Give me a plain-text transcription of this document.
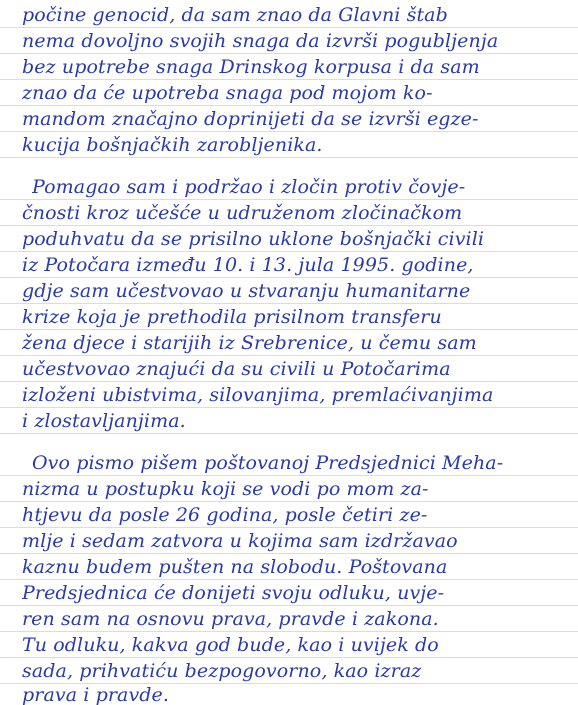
počine genocid, da sam znao da Glavni štab
nema dovoljno svojih snaga da izvrši pogubljenja
bez upotrebe snaga Drinskog korpusa i da sam
znao da će upotreba snaga pod mojom ko-
mandom značajno doprinijeti da se izvrši egze-
kucija bošnjačkih zarobljenika.
Pomagao sam i podržao i zločin protiv čovje-
čnosti kroz učešće u udruženom zločinačkom
poduhvatu da se prisilno uklone bošnjački civili
iz Potočara između 10. i 13. jula 1995. godine,
gdje sam učestvovao u stvaranju humanitarne
krize koja je prethodila prisilnom transferu
žena djece i starijih iz Srebrenice, u čemu sam
učestvovao znajući da su civili u Potočarima
izloženi ubistvima, silovanjima, premlaćivanjima
i zlostavljanjima.
Ovo pismo pišem poštovanoj Predsjednici Meha-
nizma u postupku koji se vodi po mom za-
htjevu da posle 26 godina, posle četiri ze-
mlje i sedam zatvora u kojima sam izdržavao
kaznu budem pušten na slobodu. Poštovana
Predsjednica će donijeti svoju odluku, uvje-
ren sam na osnovu prava, pravde i zakona.
Tu odluku, kakva god bude, kao i uvijek do
sada, prihvatiću bezpogovorno, kao izraz
prava i pravde.
